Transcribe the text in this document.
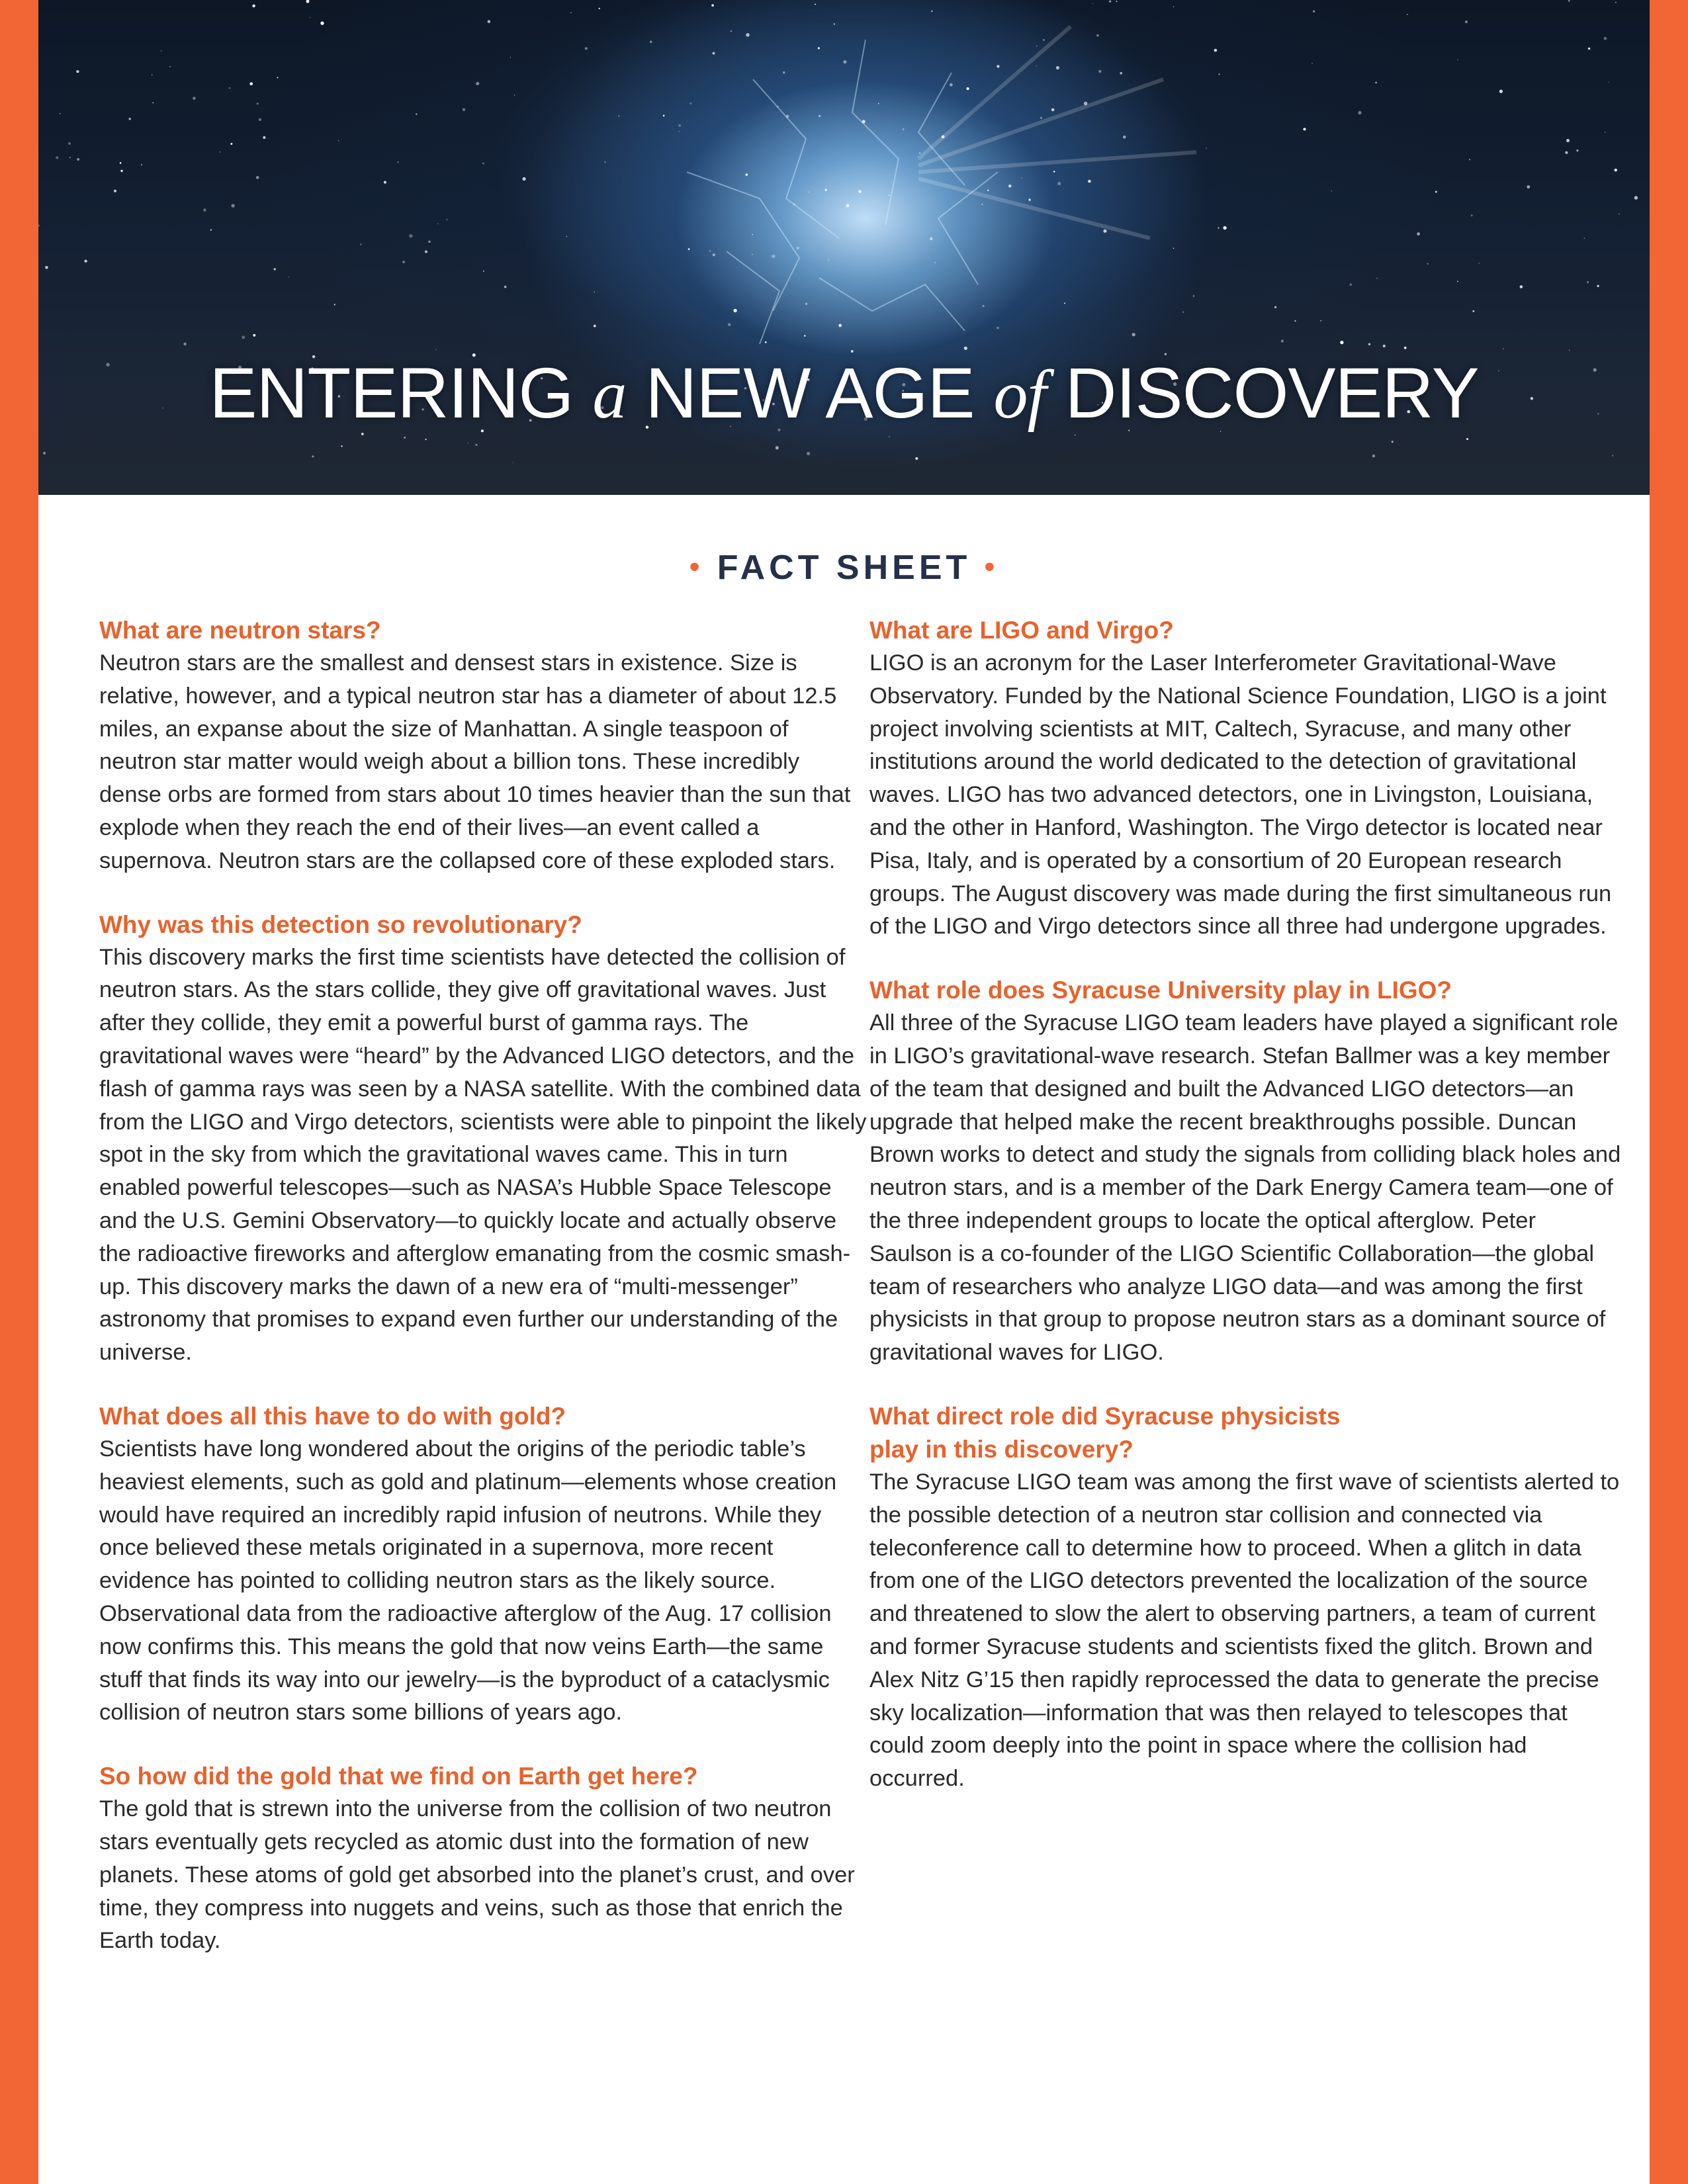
ENTERING a NEW AGE of DISCOVERY
• FACT SHEET •

What are neutron stars?

Neutron stars are the smallest and densest stars in existence. Size is relative, however, and a typical neutron star has a diameter of about 12.5 miles, an expanse about the size of Manhattan. A single teaspoon of neutron star matter would weigh about a billion tons. These incredibly dense orbs are formed from stars about 10 times heavier than the sun that explode when they reach the end of their lives—an event called a supernova. Neutron stars are the collapsed core of these exploded stars.

Why was this detection so revolutionary?

This discovery marks the first time scientists have detected the collision of neutron stars. As the stars collide, they give off gravitational waves. Just after they collide, they emit a powerful burst of gamma rays. The gravitational waves were “heard” by the Advanced LIGO detectors, and the flash of gamma rays was seen by a NASA satellite. With the combined data from the LIGO and Virgo detectors, scientists were able to pinpoint the likely spot in the sky from which the gravitational waves came. This in turn enabled powerful telescopes—such as NASA’s Hubble Space Telescope and the U.S. Gemini Observatory—to quickly locate and actually observe the radioactive fireworks and afterglow emanating from the cosmic smash-up. This discovery marks the dawn of a new era of “multi-messenger” astronomy that promises to expand even further our understanding of the universe.

What does all this have to do with gold?

Scientists have long wondered about the origins of the periodic table’s heaviest elements, such as gold and platinum—elements whose creation would have required an incredibly rapid infusion of neutrons. While they once believed these metals originated in a supernova, more recent evidence has pointed to colliding neutron stars as the likely source. Observational data from the radioactive afterglow of the Aug. 17 collision now confirms this. This means the gold that now veins Earth—the same stuff that finds its way into our jewelry—is the byproduct of a cataclysmic collision of neutron stars some billions of years ago.

So how did the gold that we find on Earth get here?

The gold that is strewn into the universe from the collision of two neutron stars eventually gets recycled as atomic dust into the formation of new planets. These atoms of gold get absorbed into the planet’s crust, and over time, they compress into nuggets and veins, such as those that enrich the Earth today.

What are LIGO and Virgo?

LIGO is an acronym for the Laser Interferometer Gravitational-Wave Observatory. Funded by the National Science Foundation, LIGO is a joint project involving scientists at MIT, Caltech, Syracuse, and many other institutions around the world dedicated to the detection of gravitational waves. LIGO has two advanced detectors, one in Livingston, Louisiana, and the other in Hanford, Washington. The Virgo detector is located near Pisa, Italy, and is operated by a consortium of 20 European research groups. The August discovery was made during the first simultaneous run of the LIGO and Virgo detectors since all three had undergone upgrades.

What role does Syracuse University play in LIGO?

All three of the Syracuse LIGO team leaders have played a significant role in LIGO’s gravitational-wave research. Stefan Ballmer was a key member of the team that designed and built the Advanced LIGO detectors—an upgrade that helped make the recent breakthroughs possible. Duncan Brown works to detect and study the signals from colliding black holes and neutron stars, and is a member of the Dark Energy Camera team—one of the three independent groups to locate the optical afterglow. Peter Saulson is a co-founder of the LIGO Scientific Collaboration—the global team of researchers who analyze LIGO data—and was among the first physicists in that group to propose neutron stars as a dominant source of gravitational waves for LIGO.

What direct role did Syracuse physicists play in this discovery?

The Syracuse LIGO team was among the first wave of scientists alerted to the possible detection of a neutron star collision and connected via teleconference call to determine how to proceed. When a glitch in data from one of the LIGO detectors prevented the localization of the source and threatened to slow the alert to observing partners, a team of current and former Syracuse students and scientists fixed the glitch. Brown and Alex Nitz G’15 then rapidly reprocessed the data to generate the precise sky localization—information that was then relayed to telescopes that could zoom deeply into the point in space where the collision had occurred.
